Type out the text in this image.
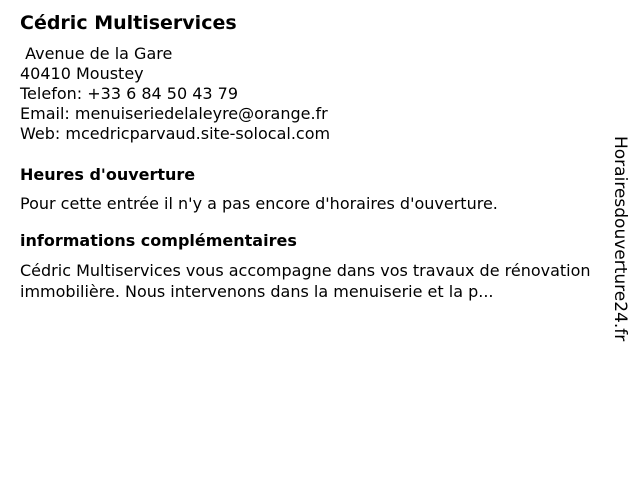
Cédric Multiservices
Avenue de la Gare
40410 Moustey
Telefon: +33 6 84 50 43 79
Email: menuiseriedelaleyre@orange.fr
Web: mcedricparvaud.site-solocal.com
Heures d'ouverture
Pour cette entrée il n'y a pas encore d'horaires d'ouverture.
informations complémentaires
Cédric Multiservices vous accompagne dans vos travaux de rénovation immobilière. Nous intervenons dans la menuiserie et la p...	Horairesdouverture24.fr
